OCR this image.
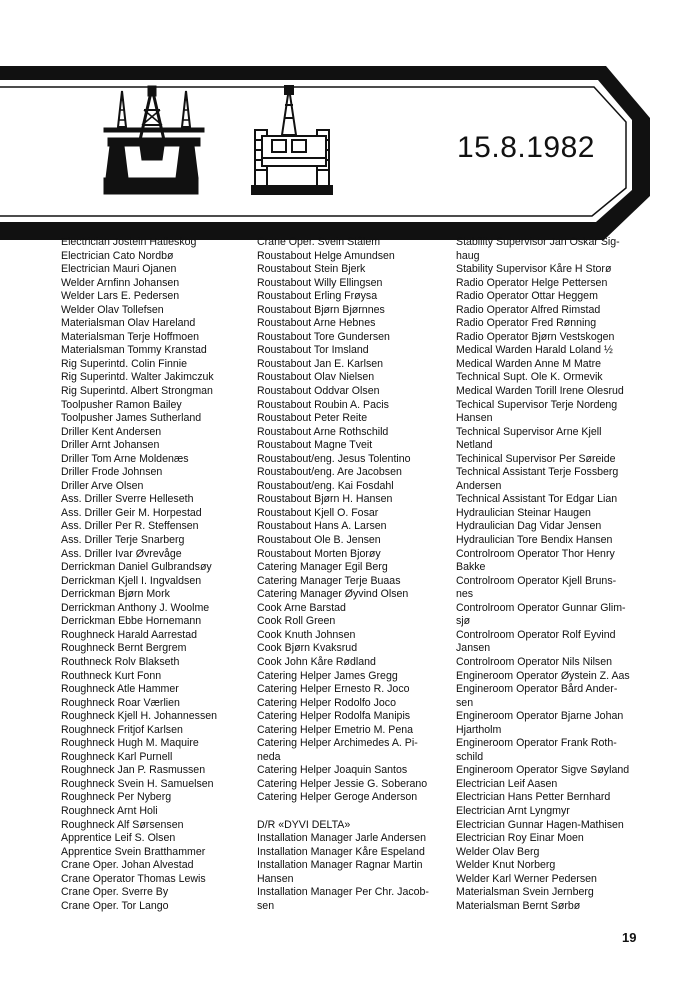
15.8.1982
Electrician Jostein Hatleskog
Electrician Cato Nordbø
Electrician Mauri Ojanen
Welder Arnfinn Johansen
Welder Lars E. Pedersen
Welder Olav Tollefsen
Materialsman Olav Hareland
Materialsman Terje Hoffmoen
Materialsman Tommy Kranstad
Rig Superintd. Colin Finnie
Rig Superintd. Walter Jakimczuk
Rig Superintd. Albert Strongman
Toolpusher Ramon Bailey
Toolpusher James Sutherland
Driller Kent Andersen
Driller Arnt Johansen
Driller Tom Arne Moldenæs
Driller Frode Johnsen
Driller Arve Olsen
Ass. Driller Sverre Helleseth
Ass. Driller Geir M. Horpestad
Ass. Driller Per R. Steffensen
Ass. Driller Terje Snarberg
Ass. Driller Ivar Øvrevåge
Derrickman Daniel Gulbrandsøy
Derrickman Kjell I. Ingvaldsen
Derrickman Bjørn Mork
Derrickman Anthony J. Woolme
Derrickman Ebbe Hornemann
Roughneck Harald Aarrestad
Roughneck Bernt Bergrem
Routhneck Rolv Blakseth
Routhneck Kurt Fonn
Roughneck Atle Hammer
Roughneck Roar Værlien
Roughneck Kjell H. Johannessen
Roughneck Fritjof Karlsen
Roughneck Hugh M. Maquire
Roughneck Karl Purnell
Roughneck Jan P. Rasmussen
Roughneck Svein H. Samuelsen
Roughneck Per Nyberg
Roughneck Arnt Holi
Roughneck Alf Sørsensen
Apprentice Leif S. Olsen
Apprentice Svein Bratthammer
Crane Oper. Johan Alvestad
Crane Operator Thomas Lewis
Crane Oper. Sverre By
Crane Oper. Tor Lango
Crane Oper. Svein Stålem
Roustabout Helge Amundsen
Roustabout Stein Bjerk
Roustabout Willy Ellingsen
Roustabout Erling Frøysa
Roustabout Bjørn Bjørnnes
Roustabout Arne Hebnes
Roustabout Tore Gundersen
Roustabout Tor Imsland
Roustabout Jan E. Karlsen
Roustabout Olav Nielsen
Roustabout Oddvar Olsen
Roustabout Roubin A. Pacis
Roustabout Peter Reite
Roustabout Arne Rothschild
Roustabout Magne Tveit
Roustabout/eng. Jesus Tolentino
Roustabout/eng. Are Jacobsen
Roustabout/eng. Kai Fosdahl
Roustabout Bjørn H. Hansen
Roustabout Kjell O. Fosar
Roustabout Hans A. Larsen
Roustabout Ole B. Jensen
Roustabout Morten Bjorøy
Catering Manager Egil Berg
Catering Manager Terje Buaas
Catering Manager Øyvind Olsen
Cook Arne Barstad
Cook Roll Green
Cook Knuth Johnsen
Cook Bjørn Kvaksrud
Cook John Kåre Rødland
Catering Helper James Gregg
Catering Helper Ernesto R. Joco
Catering Helper Rodolfo Joco
Catering Helper Rodolfa Manipis
Catering Helper Emetrio M. Pena
Catering Helper Archimedes A. Pi-
neda
Catering Helper Joaquin Santos
Catering Helper Jessie G. Soberano
Catering Helper Geroge Anderson
D/R «DYVI DELTA»
Installation Manager Jarle Andersen
Installation Manager Kåre Espeland
Installation Manager Ragnar Martin
Hansen
Installation Manager Per Chr. Jacob-
sen
Stability Supervisor Jan Oskar Sig-
haug
Stability Supervisor Kåre H Storø
Radio Operator Helge Pettersen
Radio Operator Ottar Heggem
Radio Operator Alfred Rimstad
Radio Operator Fred Rønning
Radio Operator Bjørn Vestskogen
Medical Warden Harald Loland ½
Medical Warden Anne M Matre
Technical Supt. Ole K. Ormevik
Medical Warden Torill Irene Olesrud
Techical Supervisor Terje Nordeng
Hansen
Technical Supervisor Arne Kjell
Netland
Techinical Supervisor Per Søreide
Technical Assistant Terje Fossberg
Andersen
Technical Assistant Tor Edgar Lian
Hydraulician Steinar Haugen
Hydraulician Dag Vidar Jensen
Hydraulician Tore Bendix Hansen
Controlroom Operator Thor Henry
Bakke
Controlroom Operator Kjell Bruns-
nes
Controlroom Operator Gunnar Glim-
sjø
Controlroom Operator Rolf Eyvind
Jansen
Controlroom Operator Nils Nilsen
Engineroom Operator Øystein Z. Aas
Engineroom Operator Bård Ander-
sen
Engineroom Operator Bjarne Johan
Hjartholm
Engineroom Operator Frank Roth-
schild
Engineroom Operator Sigve Søyland
Electrician Leif Aasen
Electrician Hans Petter Bernhard
Electrician Arnt Lyngmyr
Electrician Gunnar Hagen-Mathisen
Electrician Roy Einar Moen
Welder Olav Berg
Welder Knut Norberg
Welder Karl Werner Pedersen
Materialsman Svein Jernberg
Materialsman Bernt Sørbø
19
